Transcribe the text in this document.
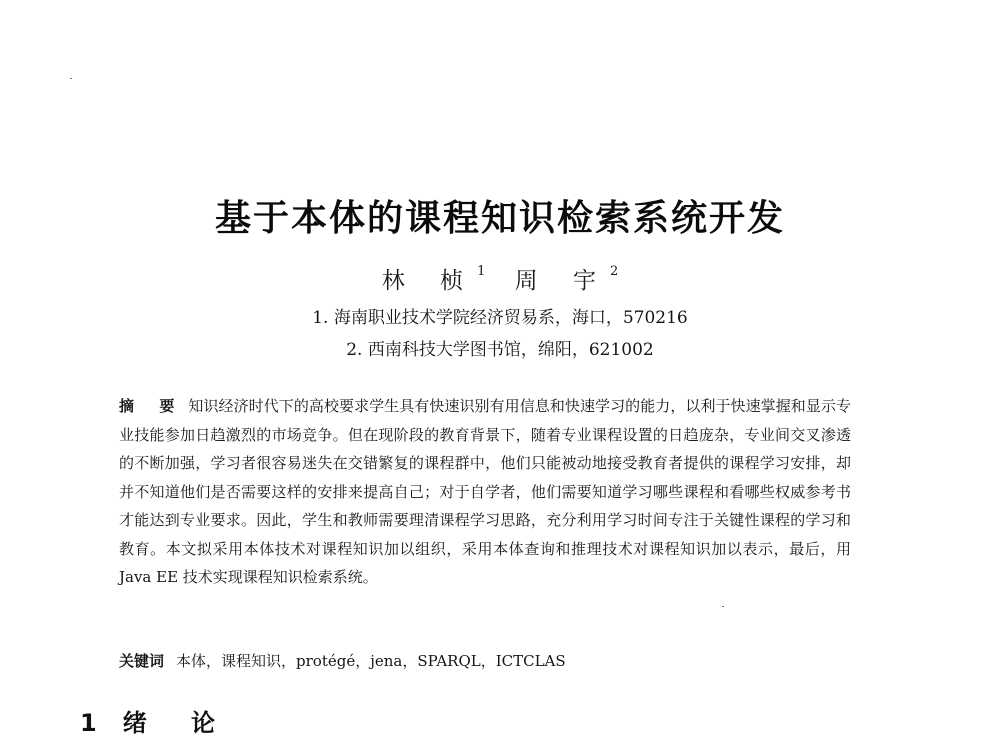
基于本体的课程知识检索系统开发
林 桢$^1$ 周 宇$^2$
1. 海南职业技术学院经济贸易系，海口，570216
2. 西南科技大学图书馆，绵阳，621002
摘 要 知识经济时代下的高校要求学生具有快速识别有用信息和快速学习的能力，以利于快速掌握和显示专业技能参加日趋激烈的市场竞争。但在现阶段的教育背景下，随着专业课程设置的日趋庞杂，专业间交叉渗透的不断加强，学习者很容易迷失在交错繁复的课程群中，他们只能被动地接受教育者提供的课程学习安排，却并不知道他们是否需要这样的安排来提高自己；对于自学者，他们需要知道学习哪些课程和看哪些权威参考书才能达到专业要求。因此，学生和教师需要理清课程学习思路，充分利用学习时间专注于关键性课程的学习和教育。本文拟采用本体技术对课程知识加以组织，采用本体查询和推理技术对课程知识加以表示，最后，用 Java EE 技术实现课程知识检索系统。
关键词 本体，课程知识，protégé，jena，SPARQL，ICTCLAS
1 绪 论
